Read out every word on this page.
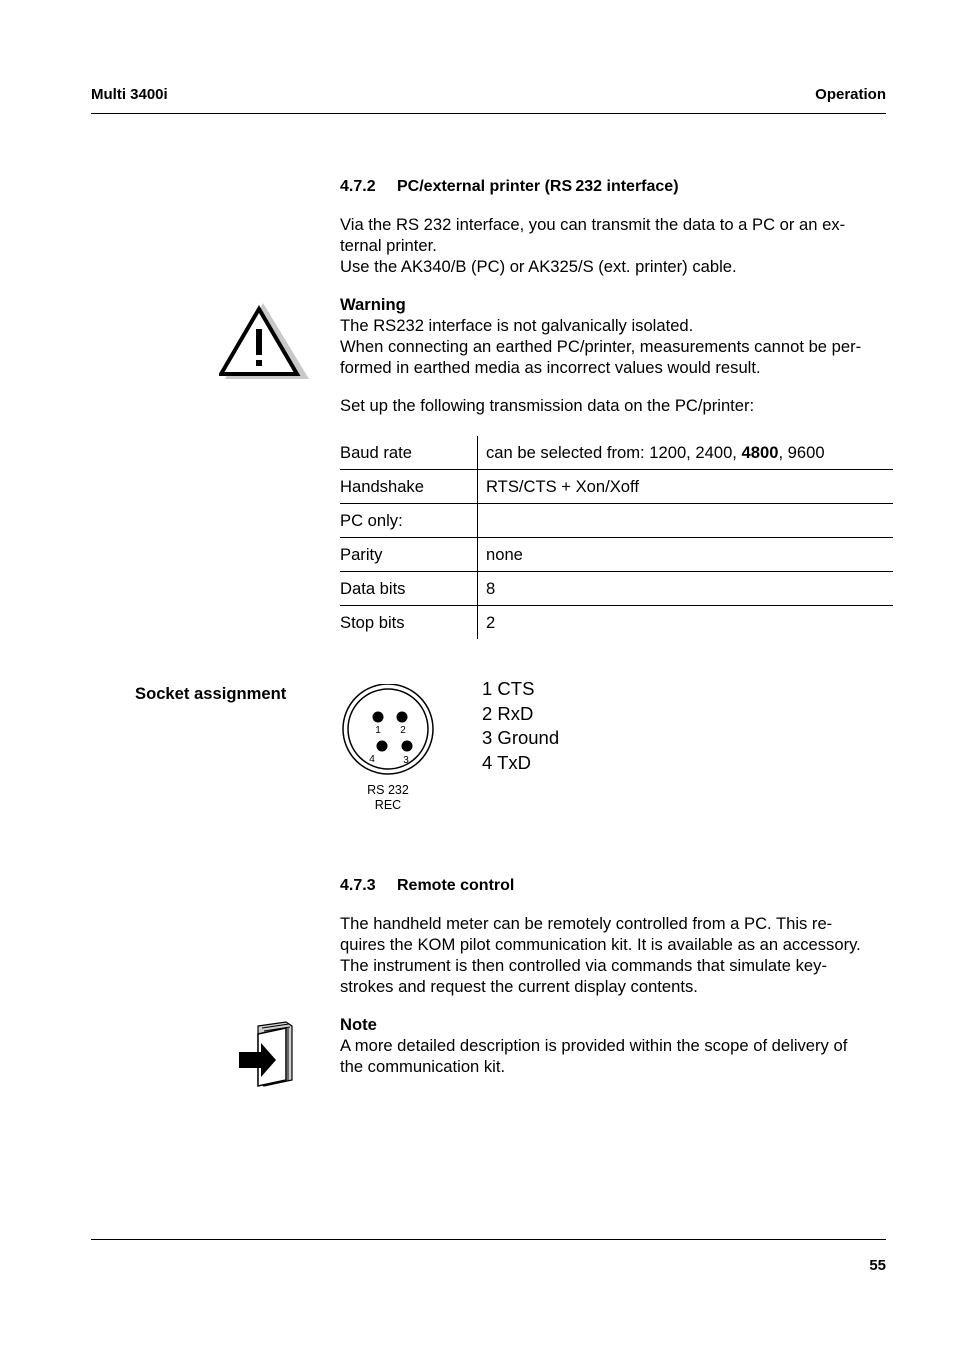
Multi 3400i	Operation
4.7.2 PC/external printer (RS 232 interface)

Via the RS 232 interface, you can transmit the data to a PC or an ex-

ternal printer.

Use the AK340/B (PC) or AK325/S (ext. printer) cable.

Warning

The RS232 interface is not galvanically isolated.

When connecting an earthed PC/printer, measurements cannot be per-

formed in earthed media as incorrect values would result.

Set up the following transmission data on the PC/printer:
Baud rate	can be selected from: 1200, 2400, 4800, 9600
Handshake	RTS/CTS + Xon/Xoff
PC only:	
Parity	none
Data bits	8
Stop bits	2
Socket assignment
1 2
3
4
RS 232
REC
1 CTS
2 RxD
3 Ground
4 TxD
4.7.3 Remote control

The handheld meter can be remotely controlled from a PC. This re-

quires the KOM pilot communication kit. It is available as an accessory.

The instrument is then controlled via commands that simulate key-

strokes and request the current display contents.

Note

A more detailed description is provided within the scope of delivery of

the communication kit.

55
